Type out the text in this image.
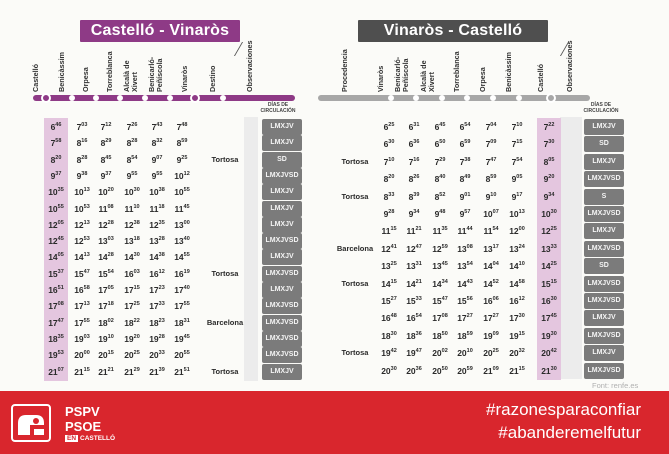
Castelló - Vinaròs	Vinaròs - Castelló
Castelló Benicàssim Orpesa Torreblanca Alcalà de
Xivert Benicarló-
Peñíscola Vinaròs	Destino	Observaciones	Procedencia	Vinaròs Benicarló-
Peñíscola Alcalà de
Xivert Torreblanca Orpesa Benicàssim	Castelló	Observaciones
DÍAS DE CIRCULACIÓN
DÍAS DE CIRCULACIÓN
$6^{46}$	$7^{03}$	$7^{12}$	$7^{26}$	$7^{43}$	$7^{48}$	LMXJV
$7^{58}$	$8^{16}$	$8^{29}$	$8^{28}$	$8^{32}$	$8^{59}$	LMXJV
$8^{20}$	$8^{28}$	$8^{45}$	$8^{54}$	$9^{07}$	$9^{25}$	Tortosa	SD
$9^{37}$	$9^{38}$	$9^{37}$	$9^{55}$	$9^{55}$	$10^{12}$	LMXJVSD
$10^{35}$	$10^{13}$ $10^{20}$	$10^{30}$	$10^{38}$	$10^{55}$	LMXJV
$10^{55}$	$10^{53}$	$11^{08}$	$11^{10}$	$11^{18}$	$11^{45}$	LMXJV
$12^{05}$	$12^{13}$ $12^{28}$	$12^{38}$	$12^{35}$	$13^{00}$	LMXJV
$12^{45}$	$12^{53}$ $13^{03}$	$13^{18}$	$13^{28}$	$13^{40}$	LMXJVSD
$14^{05}$	$14^{13}$ $14^{28}$	$14^{30}$	$14^{38}$	$14^{55}$	LMXJV
$15^{37}$	$15^{47}$ $15^{54}$	$16^{03}$	$16^{12}$	$16^{19}$	Tortosa	LMXJVSD
$16^{51}$	$16^{58}$ $17^{05}$	$17^{15}$	$17^{23}$	$17^{40}$	LMXJV
$17^{08}$	$17^{13}$ $17^{18}$	$17^{25}$	$17^{33}$	$17^{55}$	LMXJVSD
$17^{47}$	$17^{55}$ $18^{02}$	$18^{22}$	$18^{23}$	$18^{31}$	Barcelona	LMXJVSD
$18^{35}$	$19^{03}$ $19^{10}$	$19^{20}$	$19^{28}$	$19^{45}$	LMXJVSD
$19^{53}$	$20^{00}$ $20^{15}$	$20^{25}$	$20^{33}$	$20^{55}$	LMXJVSD
$21^{07}$	$21^{15}$ $21^{21}$	$21^{29}$	$21^{39}$	$21^{51}$	Tortosa	LMXJV
$6^{25}$	$6^{31}$	$6^{45}$	$6^{54}$	$7^{04}$	$7^{10}$	$7^{22}$	LMXJV
$6^{30}$	$6^{36}$	$6^{50}$	$6^{59}$	$7^{09}$	$7^{15}$	$7^{30}$	SD
Tortosa	$7^{10}$	$7^{16}$	$7^{29}$	$7^{38}$	$7^{47}$	$7^{54}$	$8^{05}$	LMXJV
$8^{20}$	$8^{26}$	$8^{40}$	$8^{49}$	$8^{59}$	$9^{05}$	$9^{20}$	LMXJVSD
Tortosa	$8^{33}$	$8^{39}$	$8^{52}$	$9^{01}$	$9^{10}$	$9^{17}$	$9^{34}$	S
$9^{28}$	$9^{34}$	$9^{48}$	$9^{57}$	$10^{07}$	$10^{13}$	$10^{30}$	LMXJVSD
$11^{15}$	$11^{21}$	$11^{35}$	$11^{44}$	$11^{54}$	$12^{00}$	$12^{25}$	LMXJV
Barcelona $12^{41}$	$12^{47}$	$12^{59}$	$13^{08}$	$13^{17}$	$13^{24}$	$13^{33}$	LMXJVSD
$13^{25}$	$13^{31}$	$13^{45}$	$13^{54}$	$14^{04}$	$14^{10}$	$14^{25}$	SD
Tortosa	$14^{15}$	$14^{21}$	$14^{34}$	$14^{43}$	$14^{52}$	$14^{58}$	$15^{15}$	LMXJVSD
$15^{27}$	$15^{33}$	$15^{47}$	$15^{56}$	$16^{06}$	$16^{12}$	$16^{30}$	LMXJVSD
$16^{48}$	$16^{54}$	$17^{08}$	$17^{27}$	$17^{27}$	$17^{30}$	$17^{45}$	LMXJV
$18^{30}$	$18^{36}$	$18^{50}$	$18^{59}$	$19^{09}$	$19^{15}$	$19^{30}$	LMXJVSD
Tortosa	$19^{42}$	$19^{47}$	$20^{02}$	$20^{10}$	$20^{25}$	$20^{32}$	$20^{42}$	LMXJV
$20^{30}$	$20^{36}$	$20^{50}$	$20^{59}$	$21^{09}$	$21^{15}$	$21^{30}$	LMXJVSD
Font: renfe.es
PSPV
PSOE
EN CASTELLÓ
#razonesparaconfiar
#abanderemelfutur
